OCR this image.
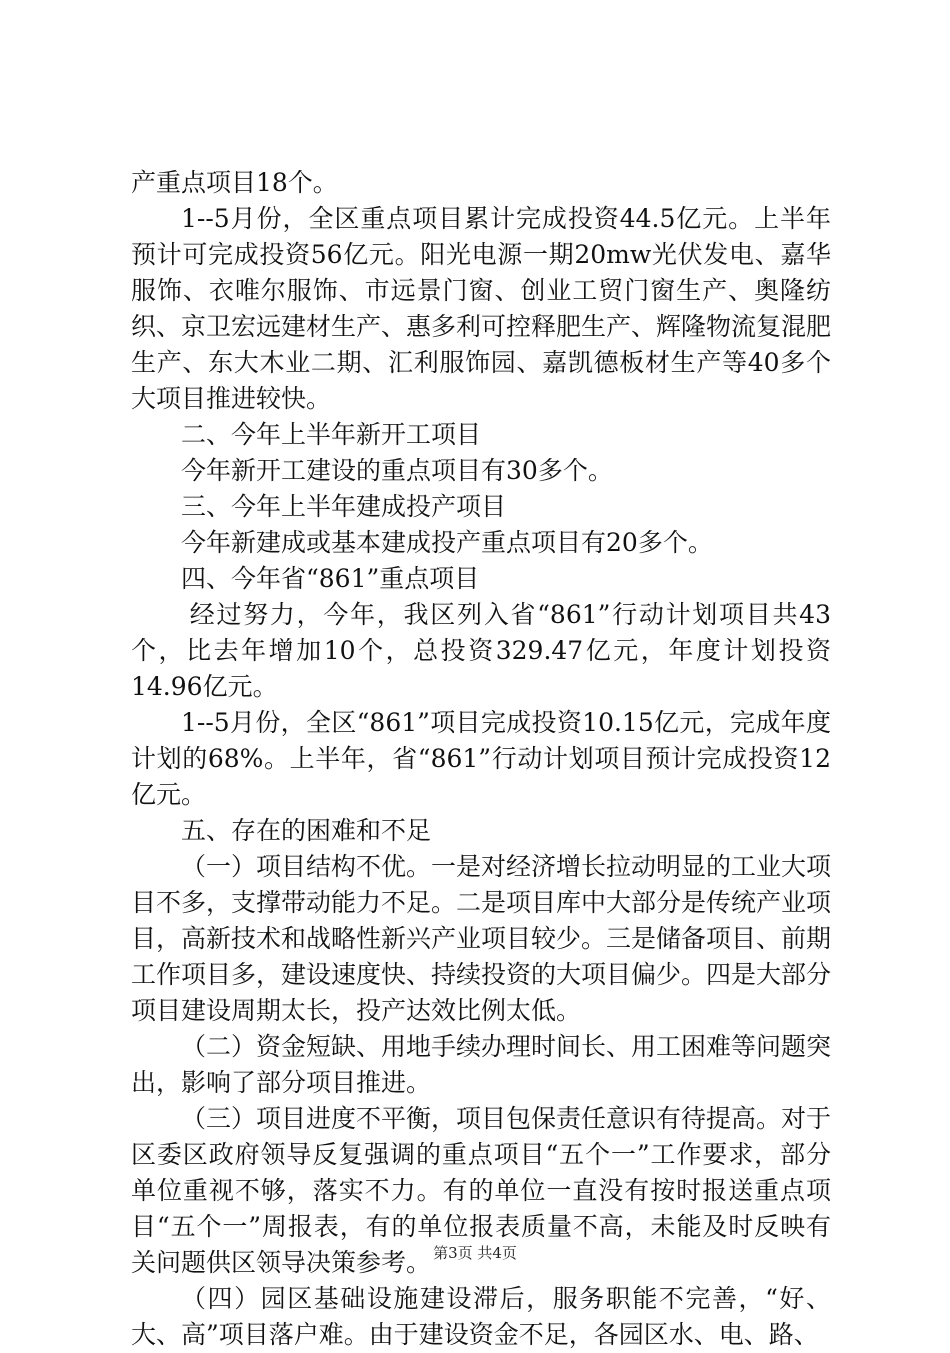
产重点项目18个。

1--5月份，全区重点项目累计完成投资44.5亿元。上半年预计可完成投资56亿元。阳光电源一期20mw光伏发电、嘉华服饰、衣唯尔服饰、市远景门窗、创业工贸门窗生产、奥隆纺织、京卫宏远建材生产、惠多利可控释肥生产、辉隆物流复混肥生产、东大木业二期、汇利服饰园、嘉凯德板材生产等40多个大项目推进较快。

二、今年上半年新开工项目

今年新开工建设的重点项目有30多个。

三、今年上半年建成投产项目

今年新建成或基本建成投产重点项目有20多个。

四、今年省“861”重点项目

经过努力，今年，我区列入省“861”行动计划项目共43个，比去年增加10个，总投资329.47亿元，年度计划投资14.96亿元。

1--5月份，全区“861”项目完成投资10.15亿元，完成年度计划的68%。上半年，省“861”行动计划项目预计完成投资12亿元。

五、存在的困难和不足

（一）项目结构不优。一是对经济增长拉动明显的工业大项目不多，支撑带动能力不足。二是项目库中大部分是传统产业项目，高新技术和战略性新兴产业项目较少。三是储备项目、前期工作项目多，建设速度快、持续投资的大项目偏少。四是大部分项目建设周期太长，投产达效比例太低。

（二）资金短缺、用地手续办理时间长、用工困难等问题突出，影响了部分项目推进。

（三）项目进度不平衡，项目包保责任意识有待提高。对于区委区政府领导反复强调的重点项目“五个一”工作要求，部分单位重视不够，落实不力。有的单位一直没有按时报送重点项目“五个一”周报表，有的单位报表质量不高，未能及时反映有关问题供区领导决策参考。

（四）园区基础设施建设滞后，服务职能不完善，“好、大、高”项目落户难。由于建设资金不足，各园区水、电、路、

第3页 共4页
